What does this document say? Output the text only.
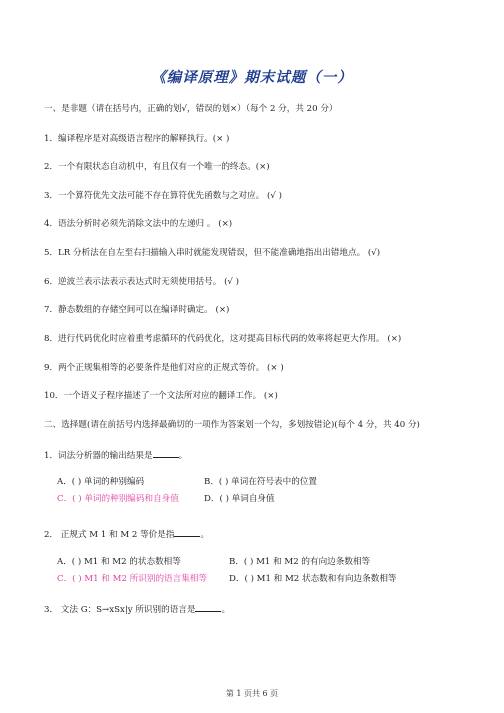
《编译原理》期末试题（一）
一、是非题（请在括号内，正确的划√，错误的划×）（每个 2 分，共 20 分）
1．编译程序是对高级语言程序的解释执行。(× )
2．一个有限状态自动机中，有且仅有一个唯一的终态。(×)
3．一个算符优先文法可能不存在算符优先函数与之对应。 (√ )
4．语法分析时必须先消除文法中的左递归 。 (×)
5．LR 分析法在自左至右扫描输入串时就能发现错误，但不能准确地指出出错地点。 (√)
6．逆波兰表示法表示表达式时无须使用括号。 (√ )
7．静态数组的存储空间可以在编译时确定。 (×)
8．进行代码优化时应着重考虑循环的代码优化，这对提高目标代码的效率将起更大作用。 (×)
9．两个正规集相等的必要条件是他们对应的正规式等价。 (× )
10．一个语义子程序描述了一个文法所对应的翻译工作。 (×)
二、选择题(请在前括号内选择最确切的一项作为答案划一个勾，多划按错论)(每个 4 分，共 40 分)
1．词法分析器的输出结果是	。
A．( ) 单词的种别编码	B．( ) 单词在符号表中的位置
C．( ) 单词的种别编码和自身值	D．( ) 单词自身值
2． 正规式 M 1 和 M 2 等价是指	。
A．( ) M1 和 M2 的状态数相等	B．( ) M1 和 M2 的有向边条数相等
C．( ) M1 和 M2 所识别的语言集相等	D．( ) M1 和 M2 状态数和有向边条数相等
3． 文法 G：S→xSx|y 所识别的语言是	。
第 1 页共 6 页
